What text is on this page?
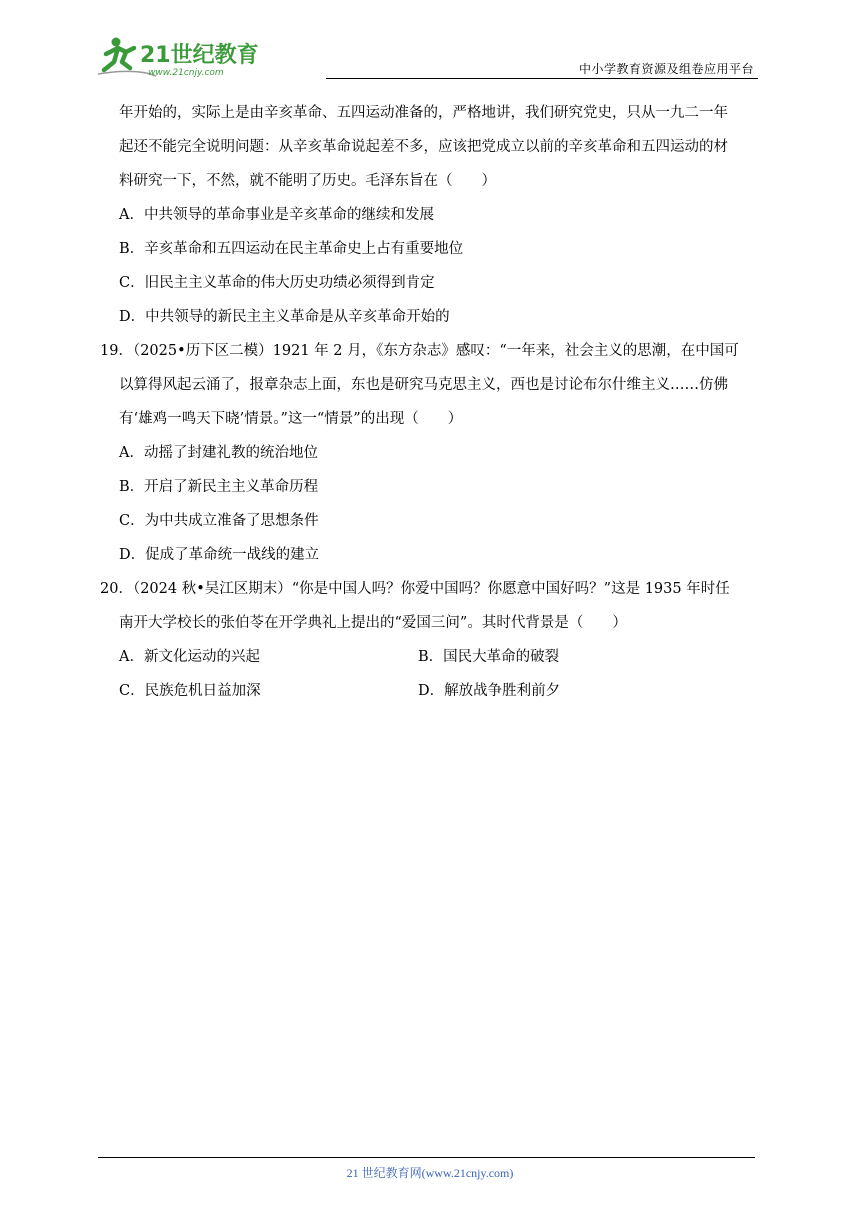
21世纪教育
www.21cnjy.com	中小学教育资源及组卷应用平台
年开始的，实际上是由辛亥革命、五四运动准备的，严格地讲，我们研究党史，只从一九二一年
起还不能完全说明问题：从辛亥革命说起差不多，应该把党成立以前的辛亥革命和五四运动的材
料研究一下，不然，就不能明了历史。毛泽东旨在（　　）
A．中共领导的革命事业是辛亥革命的继续和发展
B．辛亥革命和五四运动在民主革命史上占有重要地位
C．旧民主主义革命的伟大历史功绩必须得到肯定
D．中共领导的新民主主义革命是从辛亥革命开始的
19．（2025•历下区二模）1921 年 2 月，《东方杂志》感叹：“一年来，社会主义的思潮，在中国可
以算得风起云涌了，报章杂志上面，东也是研究马克思主义，西也是讨论布尔什维主义……仿佛
有‘雄鸡一鸣天下晓’情景。”这一“情景”的出现（　　）
A．动摇了封建礼教的统治地位
B．开启了新民主主义革命历程
C．为中共成立准备了思想条件
D．促成了革命统一战线的建立
20．（2024 秋•吴江区期末）“你是中国人吗？你爱中国吗？你愿意中国好吗？”这是 1935 年时任
南开大学校长的张伯苓在开学典礼上提出的“爱国三问”。其时代背景是（　　）
A．新文化运动的兴起	B．国民大革命的破裂
C．民族危机日益加深	D．解放战争胜利前夕
21 世纪教育网(www.21cnjy.com)
